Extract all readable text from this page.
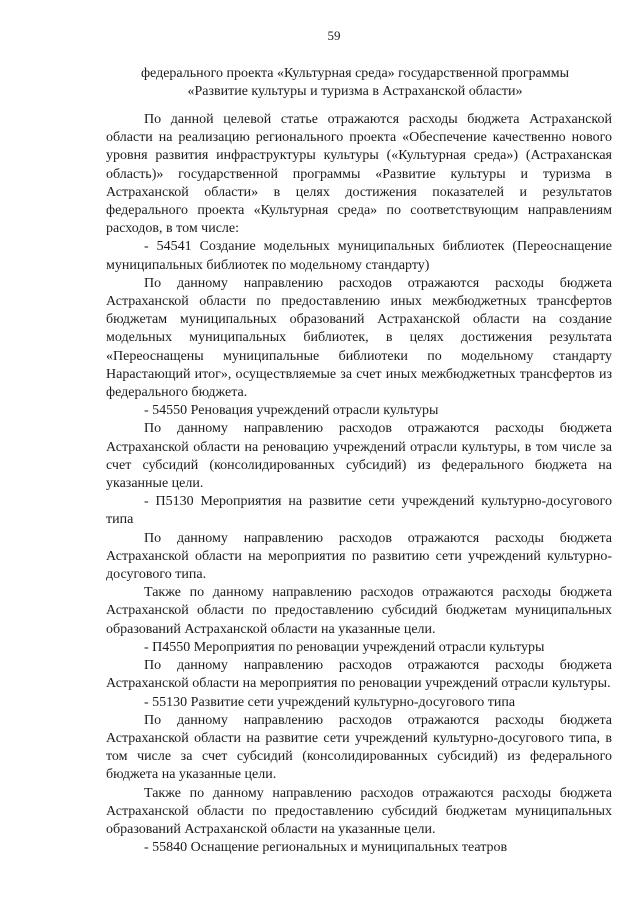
59
федерального проекта «Культурная среда» государственной программы
«Развитие культуры и туризма в Астраханской области»

По данной целевой статье отражаются расходы бюджета Астраханской области на реализацию регионального проекта «Обеспечение качественно нового уровня развития инфраструктуры культуры («Культурная среда») (Астраханская область)» государственной программы «Развитие культуры и туризма в Астраханской области» в целях достижения показателей и результатов федерального проекта «Культурная среда» по соответствующим направлениям расходов, в том числе:

- 54541 Создание модельных муниципальных библиотек (Переоснащение муниципальных библиотек по модельному стандарту)

По данному направлению расходов отражаются расходы бюджета Астраханской области по предоставлению иных межбюджетных трансфертов бюджетам муниципальных образований Астраханской области на создание модельных муниципальных библиотек, в целях достижения результата «Переоснащены муниципальные библиотеки по модельному стандарту Нарастающий итог», осуществляемые за счет иных межбюджетных трансфертов из федерального бюджета.

- 54550 Реновация учреждений отрасли культуры

По данному направлению расходов отражаются расходы бюджета Астраханской области на реновацию учреждений отрасли культуры, в том числе за счет субсидий (консолидированных субсидий) из федерального бюджета на указанные цели.

- П5130 Мероприятия на развитие сети учреждений культурно-досугового типа

По данному направлению расходов отражаются расходы бюджета Астраханской области на мероприятия по развитию сети учреждений культурно-досугового типа.

Также по данному направлению расходов отражаются расходы бюджета Астраханской области по предоставлению субсидий бюджетам муниципальных образований Астраханской области на указанные цели.

- П4550 Мероприятия по реновации учреждений отрасли культуры

По данному направлению расходов отражаются расходы бюджета Астраханской области на мероприятия по реновации учреждений отрасли культуры.

- 55130 Развитие сети учреждений культурно-досугового типа

По данному направлению расходов отражаются расходы бюджета Астраханской области на развитие сети учреждений культурно-досугового типа, в том числе за счет субсидий (консолидированных субсидий) из федерального бюджета на указанные цели.

Также по данному направлению расходов отражаются расходы бюджета Астраханской области по предоставлению субсидий бюджетам муниципальных образований Астраханской области на указанные цели.

- 55840 Оснащение региональных и муниципальных театров
